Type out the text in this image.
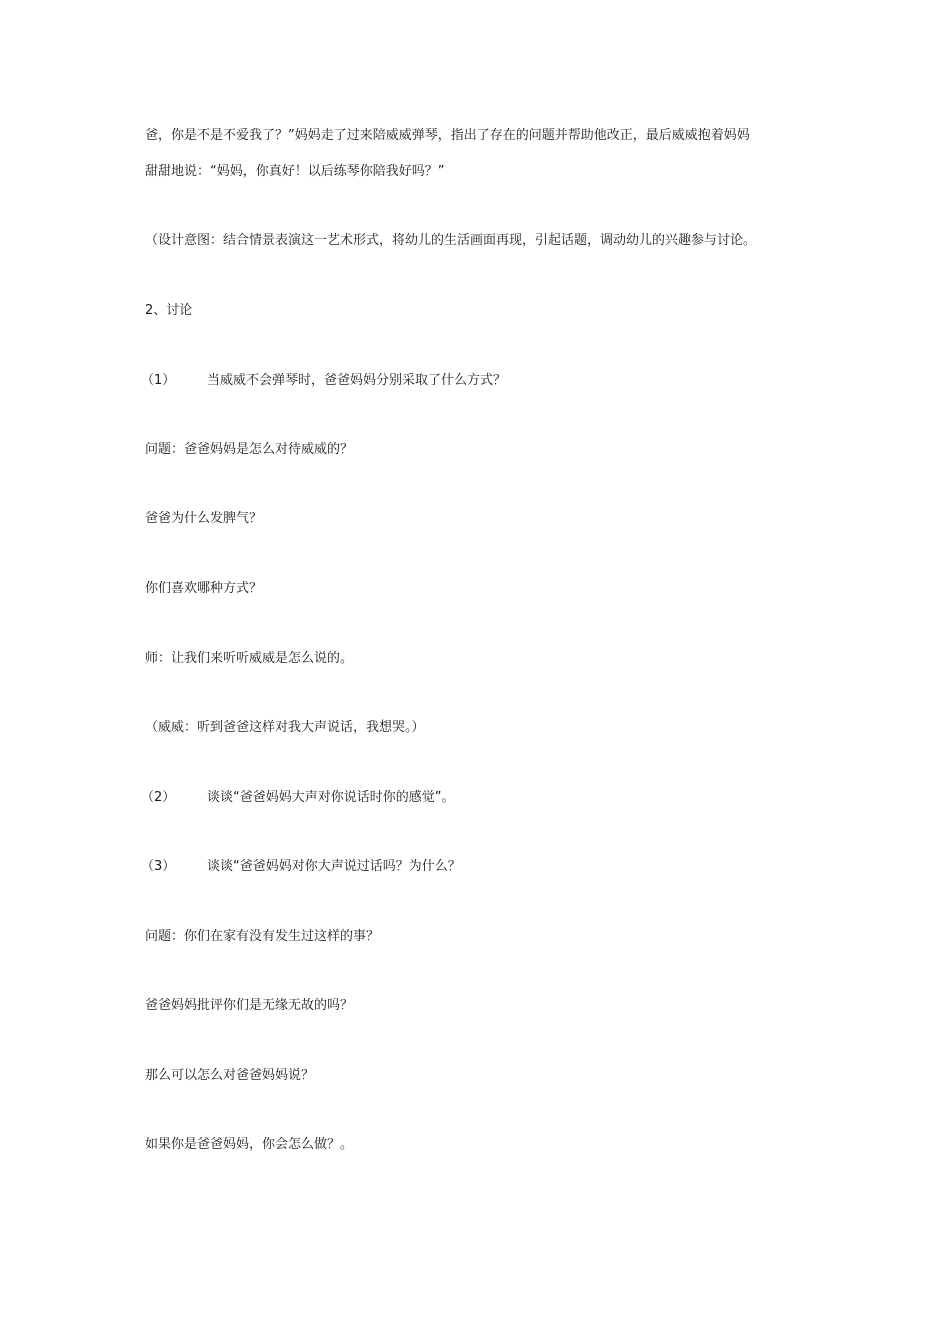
爸，你是不是不爱我了？”妈妈走了过来陪威威弹琴，指出了存在的问题并帮助他改正，最后威威抱着妈妈
甜甜地说：“妈妈，你真好！以后练琴你陪我好吗？”
（设计意图：结合情景表演这一艺术形式，将幼儿的生活画面再现，引起话题，调动幼儿的兴趣参与讨论。
2、讨论
（1） 当威威不会弹琴时，爸爸妈妈分别采取了什么方式？
问题：爸爸妈妈是怎么对待威威的？
爸爸为什么发脾气？
你们喜欢哪种方式？
师：让我们来听听威威是怎么说的。
（威威：听到爸爸这样对我大声说话，我想哭。）
（2） 谈谈“爸爸妈妈大声对你说话时你的感觉”。
（3） 谈谈“爸爸妈妈对你大声说过话吗？为什么？
问题：你们在家有没有发生过这样的事？
爸爸妈妈批评你们是无缘无故的吗？
那么可以怎么对爸爸妈妈说？
如果你是爸爸妈妈，你会怎么做？。
